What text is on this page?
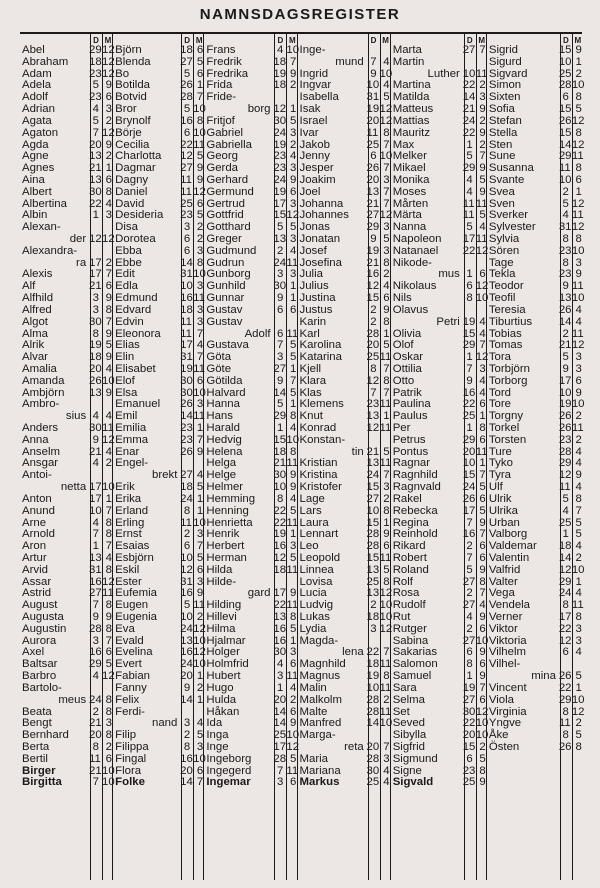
NAMNSDAGSREGISTER
D M
Abel	29 12
Abraham 18 12
Adam	23 12
Adela	5 9
Adolf	23 6
Adrian	4 3
Agata	5 2
Agaton	7 12
Agda	20 9
Agne	13 2
Agnes	21 1
Aina	13 6
Albert	30 8
Albertina 22 4
Albin	1 3
Alexan-
der 12 12
Alexandra-
ra 17 2
Alexis	17 7
Alf	21 6
Alfhild	3 9
Alfred	3 8
Algot	30 7
Alma	8 9
Alrik	19 5
Alvar	18 9
Amalia	20 4
Amanda 26 10
Ambjörn 13 9
Ambro-
sius 4 4
Anders	30 11
Anna	9 12
Anselm	21 4
Ansgar	4 2
Antoi-
netta 17 10
Anton	17 1
Anund	10 7
Arne	4 8
Arnold	7 8
Aron	1 7
Artur	13 4
Arvid	31 8
Assar	16 12
Astrid	27 11
August	7 8
Augusta	9 9
Augustin 28 8
Aurora	3 7
Axel	16 6
Baltsar	29 5
Barbro	4 12
Bartolo-
meus 24 8
Beata	2 8
Bengt	21 3
Bernhard 20 8
Berta	8 2
Bertil	11 6
Birger	21 10
Birgitta	7 10
D M
Björn	18 6
Blenda	27 5
Bo	5 6
Botilda	26 1
Botvid	28 7
Bror	5 10
Brynolf	16 8
Börje	6 10
Cecilia	22 11
Charlotta 12 5
Dagmar 27 9
Dagny	11 9
Daniel	11 12
David	25 6
Desideria 23 5
Disa	3 2
Dorotea	6 2
Ebba	6 3
Ebbe	14 8
Edit	31 10
Edla	10 3
Edmund 16 11
Edvard	18 3
Edvin	11 3
Eleonora 11 7
Elias	17 4
Elin	31 7
Elisabet 19 11
Elof	30 6
Elsa	30 10
Emanuel 26 3
Emil	14 11
Emilia	23 1
Emma	23 7
Enar	26 9
Engel-
brekt 27 4
Erik	18 5
Erika	24 1
Erland	8 1
Erling	11 10
Ernst	2 3
Esaias	6 7
Esbjörn 10 5
Eskil	12 6
Ester	31 3
Eufemia 16 9
Eugen	5 11
Eugenia 10 2
Eva	24 12
Evald	13 10
Evelina 16 12
Evert	24 10
Fabian	20 1
Fanny	9 2
Felix	14 1
Ferdi-
nand 3 4
Filip	2 5
Filippa	8 3
Fingal	16 10
Flora	20 6
Folke	14 7
D M
Frans	4 10
Fredrik	18 7
Fredrika 19 9
Frida	18 2
Fride-
borg 12 1
Fritjof	30 5
Gabriel	24 3
Gabriella 19 2
Georg	23 4
Gerda	23 3
Gerhard 24 9
Germund 19 6
Gertrud 17 3
Gottfrid	15 12
Gotthard	5 5
Greger	13 3
Gudmund	2 4
Gudrun	24 11
Gunborg	3 3
Gunhild 30 1
Gunnar	9 1
Gustav	6 6
Gustav
Adolf 6 11
Gustava	7 5
Göta	3 5
Göte	27 1
Götilda	9 7
Halvard 14 5
Hanna	5 1
Hans	29 8
Harald	1 4
Hedvig	15 10
Helena	18 8
Helga	21 11
Helge	30 9
Helmer	10 9
Hemming	8 4
Henning 22 5
Henrietta 22 11
Henrik	19 1
Herbert	16 3
Herman 12 5
Hilda	18 11
Hilde-
gard 17 9
Hilding	22 11
Hillevi	13 8
Hilma	16 5
Hjalmar 16 1
Holger	30 3
Holmfrid	4 6
Hubert	3 11
Hugo	1 4
Hulda	20 2
Håkan	14 6
Ida	14 9
Inga	25 10
Inge	17 12
Ingeborg 28 5
Ingegerd	7 11
Ingemar	3 6
D M
Inge-
mund 7 4
Ingrid	9 10
Ingvar	10 4
Isabella 31 5
Isak	19 12
Israel	20 12
Ivar	11 8
Jakob	25 7
Jenny	6 10
Jesper	26 7
Joakim	20 3
Joel	13 7
Johanna 21 7
Johannes 27 12
Jonas	29 3
Jonatan	9 5
Josef	19 3
Josefina 21 8
Julia	16 2
Julius	12 4
Justina	15 6
Justus	2 9
Karin	2 8
Karl	28 1
Karolina 20 5
Katarina 25 11
Kjell	8 7
Klara	12 8
Klas	7 7
Klemens 23 11
Knut	13 1
Konrad	12 11
Konstan-
tin 21 5
Kristian	13 11
Kristina	24 7
Kristofer 15 3
Lage	27 2
Lars	10 8
Laura	15 1
Lennart 28 9
Leo	28 6
Leopold 15 11
Linnea	13 5
Lovisa	25 8
Lucia	13 12
Ludvig	2 10
Lukas	18 10
Lydia	3 12
Magda-
lena 22 7
Magnhild 18 11
Magnus 19 8
Malin	10 11
Malkolm 28 2
Malte	28 11
Manfred 14 10
Marga-
reta 20 7
Maria	28 3
Mariana 30 4
Markus 25 4
D M
Marta	27 7
Martin
Luther 10 11
Martina	22 2
Matilda	14 3
Matteus	21 9
Mattias	24 2
Mauritz	22 9
Max	1 2
Melker	5 7
Mikael	29 9
Monika	4 5
Moses	4 9
Mårten	11 11
Märta	11 5
Nanna	5 4
Napoleon 17 11
Natanael 22 12
Nikode-
mus 1 6
Nikolaus	6 12
Nils	8 10
Olavus
Petri 19 4
Olivia	15 4
Olof	29 7
Oskar	1 12
Ottilia	7 3
Otto	9 4
Patrik	16 4
Paulina	22 6
Paulus	25 1
Per	1 8
Petrus	29 6
Pontus	20 11
Ragnar	10 1
Ragnhild 15 7
Ragnvald 24 5
Rakel	26 6
Rebecka 17 5
Regina	7 9
Reinhold 16 7
Rikard	2 6
Robert	7 6
Roland	5 9
Rolf	27 8
Rosa	2 7
Rudolf	27 4
Rut	4 9
Rutger	2 6
Sabina	27 10
Sakarias	6 9
Salomon	8 6
Samuel	1 9
Sara	19 7
Selma	27 6
Set	30 12
Seved	22 10
Sibylla	20 10
Sigfrid	15 2
Sigmund	6 5
Signe	23 8
Sigvald	25 9
D M
Sigrid	15 9
Sigurd	10 1
Sigvard	25 2
Simon	28 10
Sixten	6 8
Sofia	15 5
Stefan	26 12
Stella	15 8
Sten	14 12
Sune	29 11
Susanna 11 8
Svante	10 6
Svea	2 1
Sven	5 12
Sverker	4 11
Sylvester 31 12
Sylvia	8 8
Sören	23 10
Tage	8 3
Tekla	23 9
Teodor	9 11
Teofil	13 10
Teresia	26 4
Tiburtius 14 4
Tobias	2 11
Tomas	21 12
Tora	5 3
Torbjörn	9 3
Torborg	17 6
Tord	10 9
Tore	19 10
Torgny	26 2
Torkel	26 11
Torsten	23 2
Ture	28 4
Tyko	29 4
Tyra	12 9
Ulf	11 4
Ulrik	5 8
Ulrika	4 7
Urban	25 5
Valborg	1 5
Valdemar 18 4
Valentin	14 2
Valfrid	12 10
Valter	29 1
Vega	24 4
Vendela	8 11
Verner	17 8
Viktor	22 3
Viktoria	12 3
Vilhelm	6 4
Vilhel-
mina 26 5
Vincent	22 1
Viola	29 10
Virginia	8 12
Yngve	11 2
Åke	8 5
Östen	26 8
